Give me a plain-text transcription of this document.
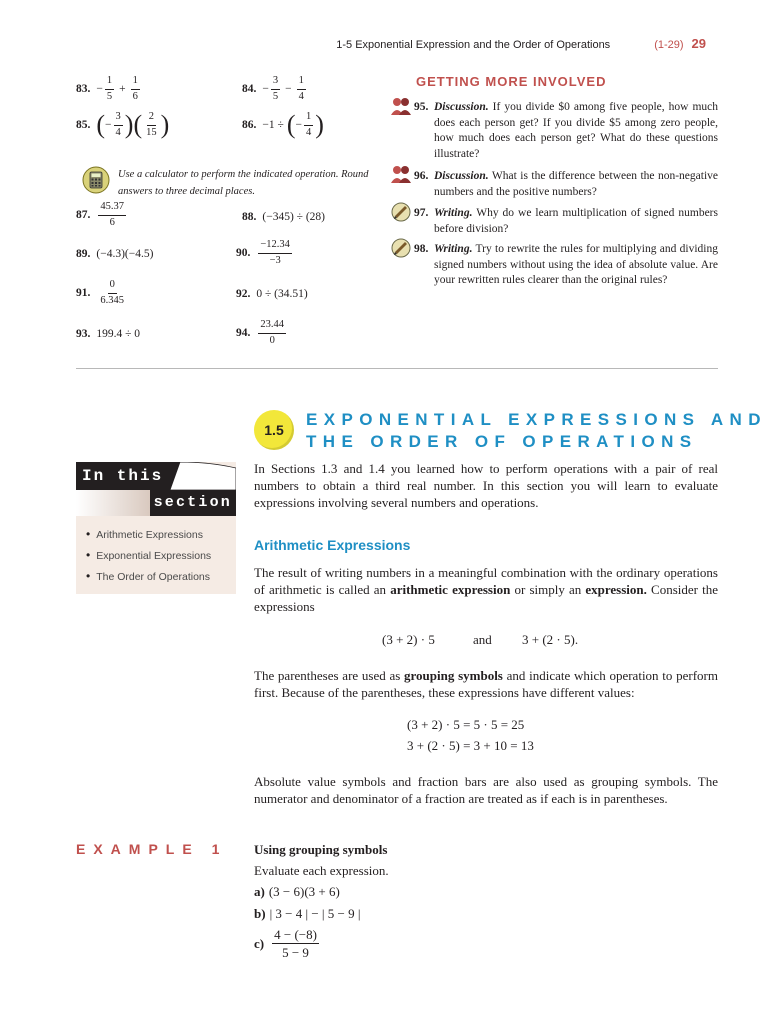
1-5 Exponential Expression and the Order of Operations	(1-29) 29
83. − $\frac{1}{5} + \frac{1}{6}$	84. − $\frac{3}{5} - \frac{1}{4}$
85. ( − $\frac{3}{4}$ )( $\frac{2}{15}$ )	86. −1 ÷ ( − $\frac{1}{4}$ )
Use a calculator to perform the indicated operation. Round answers to three decimal places.
87. $\frac{45.37}{6}$	88. (−345) ÷ (28)
89. (−4.3)(−4.5)	90. $\frac{-12.34}{-3}$
91. $\frac{0}{6.345}$	92. 0 ÷ (34.51)
93. 199.4 ÷ 0	94. $\frac{23.44}{0}$
GETTING MORE INVOLVED
95. Discussion. If you divide $0 among five people, how much does each person get? If you divide $5 among zero people, how much does each person get? What do these questions illustrate?
96. Discussion. What is the difference between the non-negative numbers and the positive numbers?
97. Writing. Why do we learn multiplication of signed numbers before division?
98. Writing. Try to rewrite the rules for multiplying and dividing signed numbers without using the idea of absolute value. Are your rewritten rules clearer than the original rules?
1.5
EXPONENTIAL EXPRESSIONS AND
THE ORDER OF OPERATIONS
In this
section
• Arithmetic Expressions
• Exponential Expressions
• The Order of Operations
In Sections 1.3 and 1.4 you learned how to perform operations with a pair of real numbers to obtain a third real number. In this section you will learn to evaluate expressions involving several numbers and operations.
Arithmetic Expressions
The result of writing numbers in a meaningful combination with the ordinary operations of arithmetic is called an arithmetic expression or simply an expression. Consider the expressions
(3 + 2) · 5	and 3 + (2 · 5).
The parentheses are used as grouping symbols and indicate which operation to perform first. Because of the parentheses, these expressions have different values:
(3 + 2) · 5 = 5 · 5 = 25
3 + (2 · 5) = 3 + 10 = 13
Absolute value symbols and fraction bars are also used as grouping symbols. The numerator and denominator of a fraction are treated as if each is in parentheses.
EXAMPLE 1 Using grouping symbols
Evaluate each expression.
a) (3 − 6)(3 + 6)
b) | 3 − 4 | − | 5 − 9 |
$c) \frac{4 - (-8)}{5 - 9}$
